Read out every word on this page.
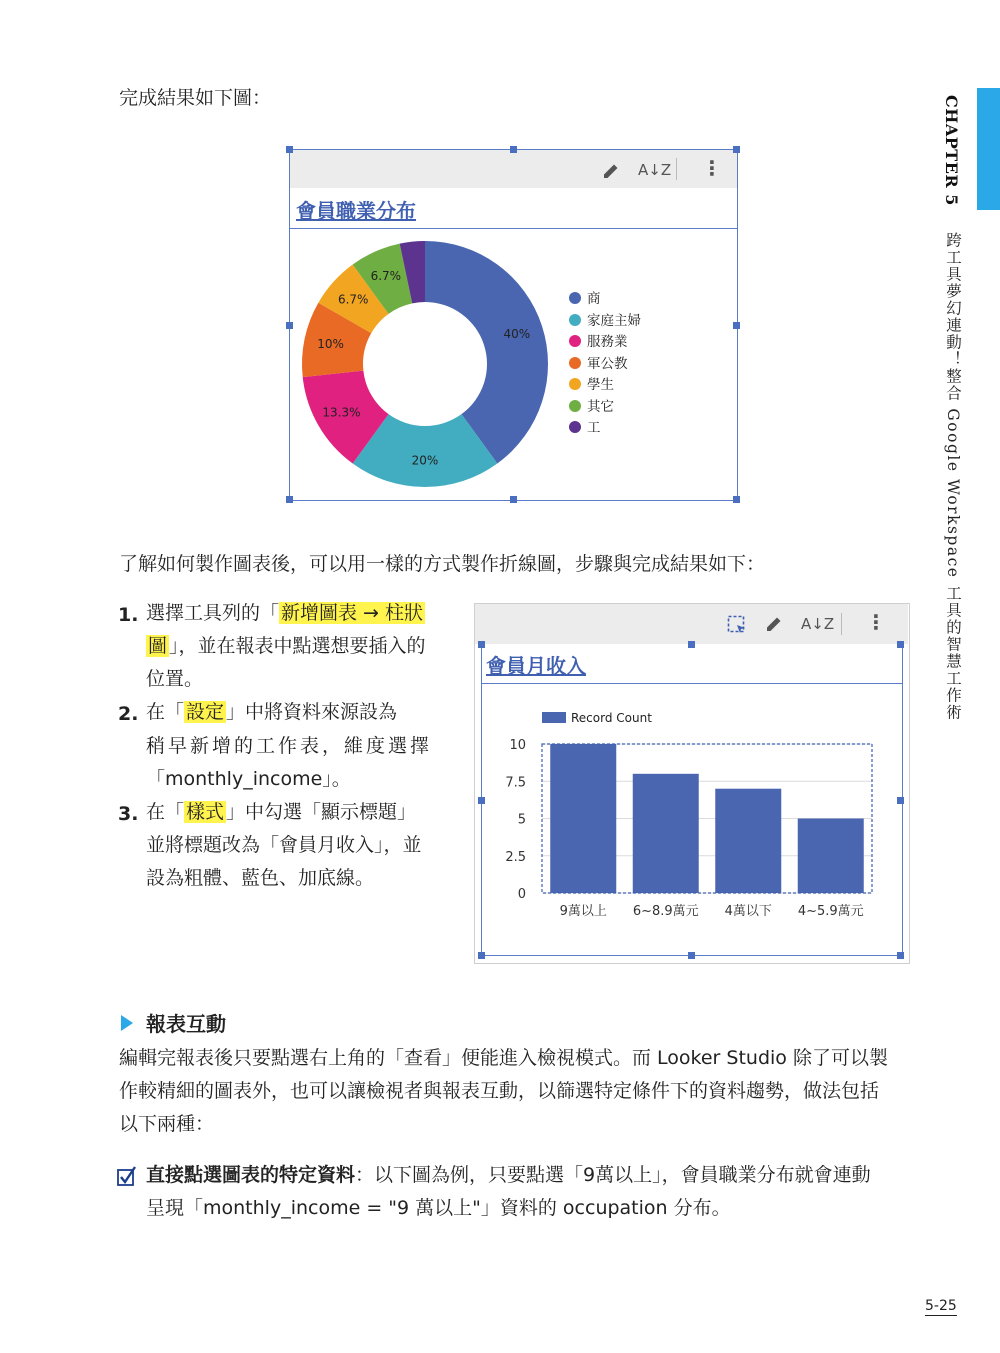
CHAPTER 5
跨工具夢幻連動！整合 Google Workspace 工具的智慧工作術
完成結果如下圖：
A↓Z ⋮
會員職業分布
40%
20%
13.3%
10%
6.7%
6.7%
商
家庭主婦
服務業
軍公教
學生
其它
工
了解如何製作圖表後，可以用一樣的方式製作折線圖，步驟與完成結果如下：
1. 選擇工具列的「 新增圖表 → 柱狀
圖 」，並在報表中點選想要插入的
位置。
2. 在「 設定 」中將資料來源設為
稍早新增的工作表，維度選擇
「monthly_income」。
3. 在「 樣式 」中勾選「顯示標題」
並將標題改為「會員月收入」，並
設為粗體、藍色、加底線。
A↓Z ⋮
會員月收入
Record Count
0
2.5
5
7.5
10
9萬以上 6~8.9萬元 4萬以下 4~5.9萬元
報表互動
編輯完報表後只要點選右上角的「查看」便能進入檢視模式。而 Looker Studio 除了可以製
作較精細的圖表外，也可以讓檢視者與報表互動，以篩選特定條件下的資料趨勢，做法包括
以下兩種：
直接點選圖表的特定資料：以下圖為例，只要點選「9萬以上」，會員職業分布就會連動
呈現「monthly_income = "9 萬以上"」資料的 occupation 分布。
5-25
